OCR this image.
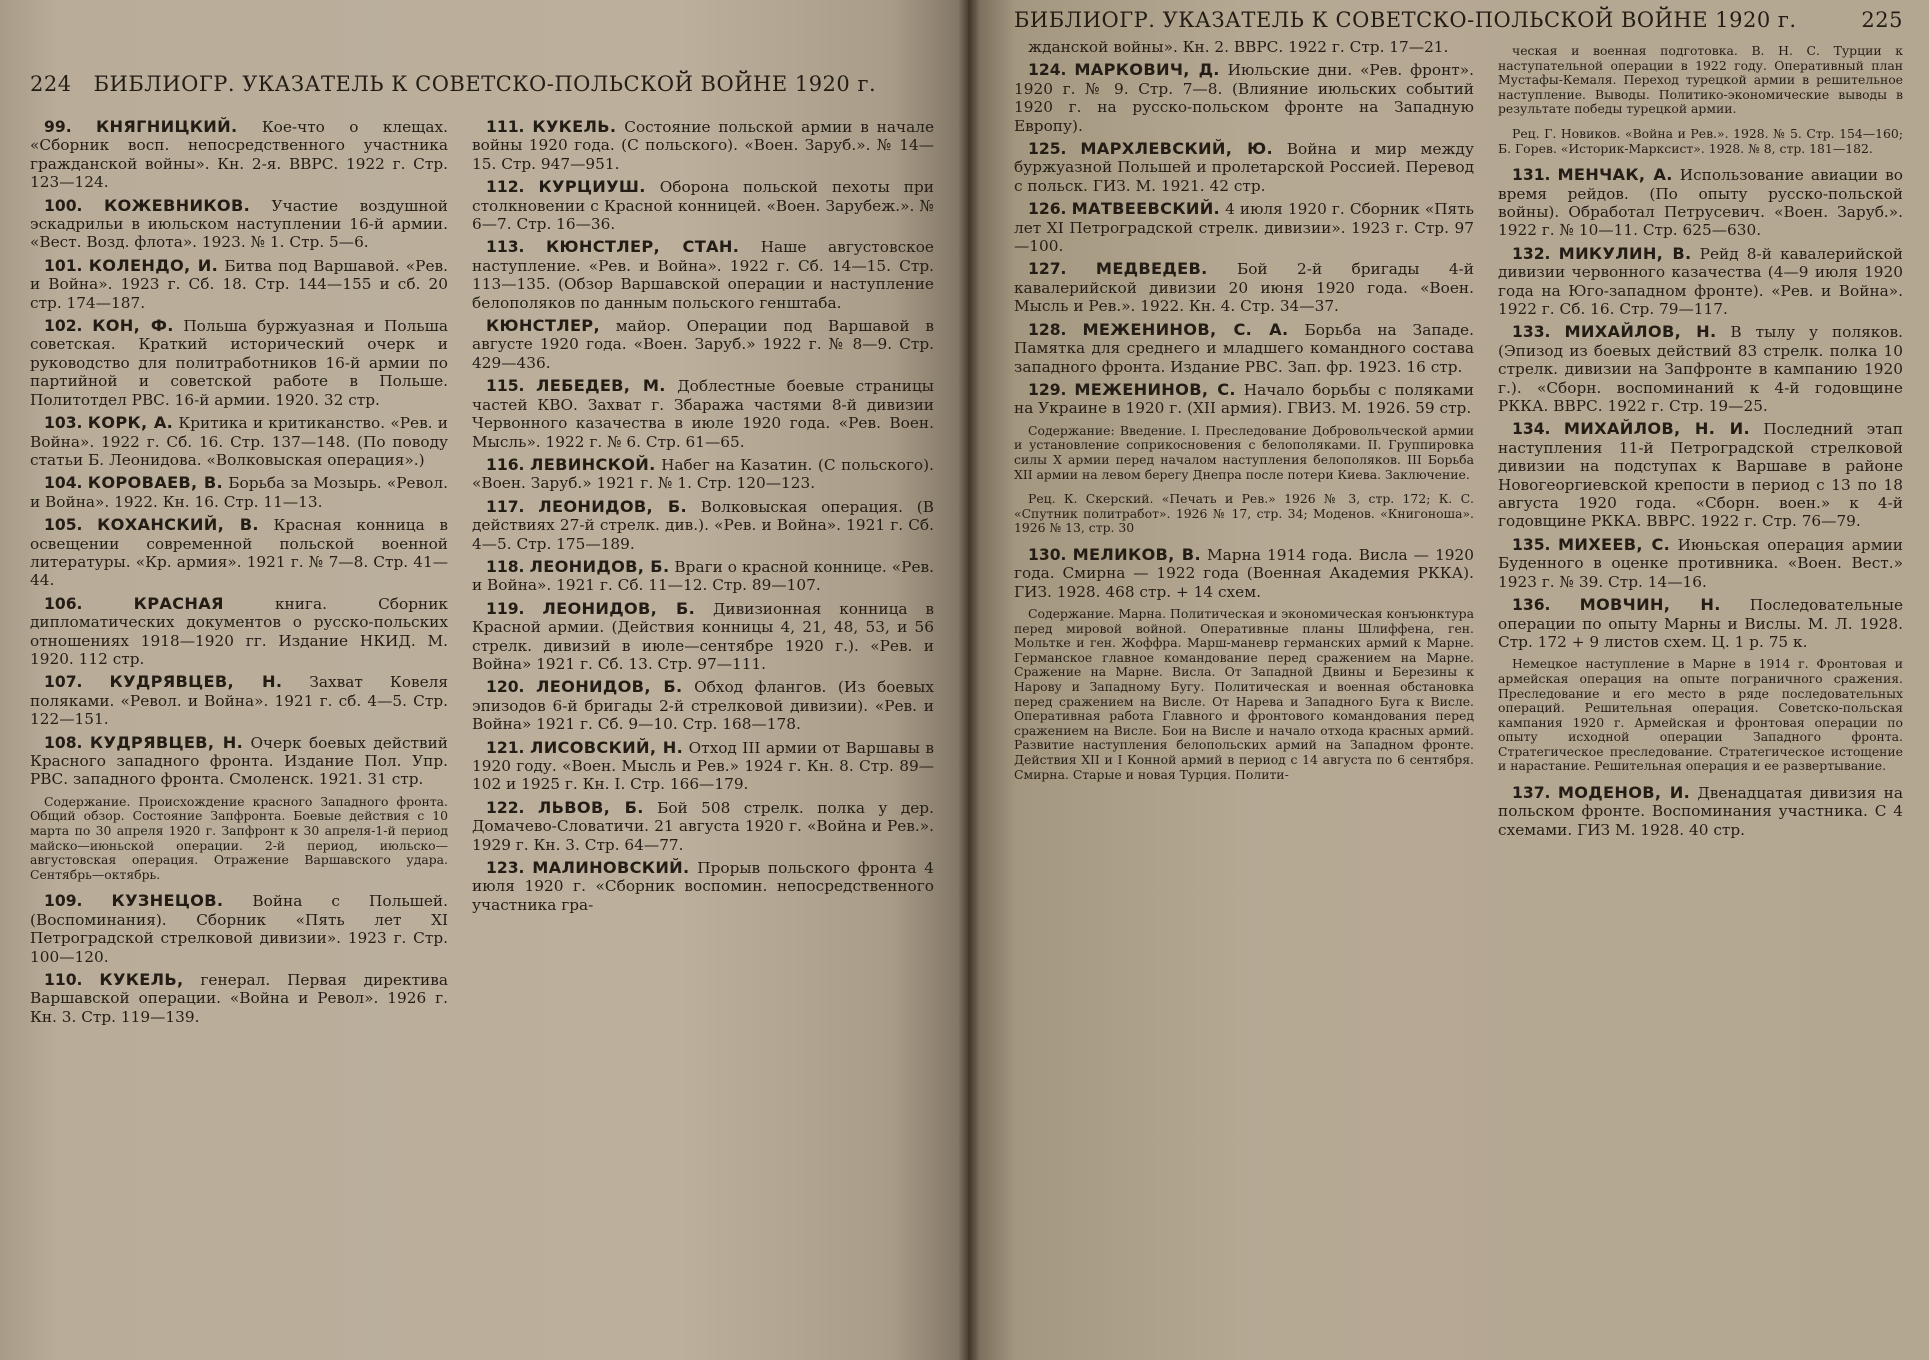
224 БИБЛИОГР. УКАЗАТЕЛЬ К СОВЕТСКО-ПОЛЬСКОЙ ВОЙНЕ 1920 г.
99. КНЯГНИЦКИЙ. Кое-что о клещах. «Сборник восп. непосредственного участника гражданской войны». Кн. 2-я. ВВРС. 1922 г. Стр. 123—124.
100. КОЖЕВНИКОВ. Участие воздушной эскадрильи в июльском наступлении 16-й армии. «Вест. Возд. флота». 1923. № 1. Стр. 5—6.
101. КОЛЕНДО, И. Битва под Варшавой. «Рев. и Война». 1923 г. Сб. 18. Стр. 144—155 и сб. 20 стр. 174—187.
102. КОН, Ф. Польша буржуазная и Польша советская. Краткий исторический очерк и руководство для политработников 16-й армии по партийной и советской работе в Польше. Политотдел РВС. 16-й армии. 1920. 32 стр.
103. КОРК, А. Критика и критиканство. «Рев. и Война». 1922 г. Сб. 16. Стр. 137—148. (По поводу статьи Б. Леонидова. «Волковыская операция».)
104. КОРОВАЕВ, В. Борьба за Мозырь. «Револ. и Война». 1922. Кн. 16. Стр. 11—13.
105. КОХАНСКИЙ, В. Красная конница в освещении современной польской военной литературы. «Кр. армия». 1921 г. № 7—8. Стр. 41—44.
106.	КРАСНАЯ	книга. Сборник дипломатических документов о русско-польских отношениях 1918—1920 гг. Издание НКИД. М. 1920. 112 стр.
107. КУДРЯВЦЕВ, Н. Захват Ковеля поляками. «Револ. и Война». 1921 г. сб. 4—5. Стр. 122—151.
108. КУДРЯВЦЕВ, Н. Очерк боевых действий Красного западного фронта. Издание Пол. Упр. РВС. западного фронта. Смоленск. 1921. 31 стр.
Содержание. Происхождение красного Западного фронта. Общий обзор. Состояние Запфронта. Боевые действия с 10 марта по 30 апреля 1920 г. Запфронт к 30 апреля-1-й период майско—июньской операции. 2-й период, июльско—августовская операция. Отражение Варшавского удара. Сентябрь—октябрь.
109. КУЗНЕЦОВ. Война с Польшей. (Воспоминания). Сборник «Пять лет XI Петроградской стрелковой дивизии». 1923 г. Стр. 100—120.
110. КУКЕЛЬ, генерал. Первая директива Варшавской операции. «Война и Револ». 1926 г. Кн. 3. Стр. 119—139.
111. КУКЕЛЬ. Состояние польской армии в начале войны 1920 года. (С польского). «Воен. Заруб.». № 14—15. Стр. 947—951.
112. КУРЦИУШ. Оборона польской пехоты при столкновении с Красной конницей. «Воен. Зарубеж.». № 6—7. Стр. 16—36.
113. КЮНСТЛЕР, СТАН. Наше августовское наступление. «Рев. и Война». 1922 г. Сб. 14—15. Стр. 113—135. (Обзор Варшавской операции и наступление белополяков по данным польского генштаба.
КЮНСТЛЕР, майор. Операции под Варшавой в августе 1920 года. «Воен. Заруб.» 1922 г. № 8—9. Стр. 429—436.
115. ЛЕБЕДЕВ, М. Доблестные боевые страницы частей КВО. Захват г. Збаража частями 8-й дивизии Червонного казачества в июле 1920 года. «Рев. Воен. Мысль». 1922 г. № 6. Стр. 61—65.
116. ЛЕВИНСКОЙ. Набег на Казатин. (С польского). «Воен. Заруб.» 1921 г. № 1. Стр. 120—123.
117. ЛЕОНИДОВ, Б. Волковыская операция. (В действиях 27-й стрелк. див.). «Рев. и Война». 1921 г. Сб. 4—5. Стр. 175—189.
118. ЛЕОНИДОВ, Б. Враги о красной коннице. «Рев. и Война». 1921 г. Сб. 11—12. Стр. 89—107.
119. ЛЕОНИДОВ, Б. Дивизионная конница в Красной армии. (Действия конницы 4, 21, 48, 53, и 56 стрелк. дивизий в июле—сентябре 1920 г.). «Рев. и Война» 1921 г. Сб. 13. Стр. 97—111.
120. ЛЕОНИДОВ, Б. Обход флангов. (Из боевых эпизодов 6-й бригады 2-й стрелковой дивизии). «Рев. и Война» 1921 г. Сб. 9—10. Стр. 168—178.
121. ЛИСОВСКИЙ, Н. Отход III армии от Варшавы в 1920 году. «Воен. Мысль и Рев.» 1924 г. Кн. 8. Стр. 89—102 и 1925 г. Кн. I. Стр. 166—179.
122. ЛЬВОВ, Б. Бой 508 стрелк. полка у дер. Домачево-Словатичи. 21 августа 1920 г. «Война и Рев.». 1929 г. Кн. 3. Стр. 64—77.
123. МАЛИНОВСКИЙ. Прорыв польского фронта 4 июля 1920 г. «Сборник воспомин. непосредственного участника гра-
БИБЛИОГР. УКАЗАТЕЛЬ К СОВЕТСКО-ПОЛЬСКОЙ ВОЙНЕ 1920 г.	225
жданской войны». Кн. 2. ВВРС. 1922 г. Стр. 17—21.
124. МАРКОВИЧ, Д. Июльские дни. «Рев. фронт». 1920 г. № 9. Стр. 7—8. (Влияние июльских событий 1920 г. на русско-польском фронте на Западную Европу).
125. МАРХЛЕВСКИЙ, Ю. Война и мир между буржуазной Польшей и пролетарской Россией. Перевод с польск. ГИЗ. М. 1921. 42 стр.
126. МАТВЕЕВСКИЙ. 4 июля 1920 г. Сборник «Пять лет XI Петроградской стрелк. дивизии». 1923 г. Стр. 97—100.
127. МЕДВЕДЕВ. Бой 2-й бригады 4-й кавалерийской дивизии 20 июня 1920 года. «Воен. Мысль и Рев.». 1922. Кн. 4. Стр. 34—37.
128. МЕЖЕНИНОВ, С. А. Борьба на Западе. Памятка для среднего и младшего командного состава западного фронта. Издание РВС. Зап. фр. 1923. 16 стр.
129. МЕЖЕНИНОВ, С. Начало борьбы с поляками на Украине в 1920 г. (XII армия). ГВИЗ. М. 1926. 59 стр.
Содержание: Введение. I. Преследование Добровольческой армии и установление соприкосновения с белополяками. II. Группировка силы X армии перед началом наступления белополяков. III Борьба XII армии на левом берегу Днепра после потери Киева. Заключение.
Рец. К. Скерский. «Печать и Рев.» 1926 № 3, стр. 172; К. С. «Спутник политработ». 1926 № 17, стр. 34; Моденов. «Книгоноша». 1926 № 13, стр. 30
130. МЕЛИКОВ, В. Марна 1914 года. Висла — 1920 года. Смирна — 1922 года (Военная Академия РККА). ГИЗ. 1928. 468 стр. + 14 схем.
Содержание. Марна. Политическая и экономическая конъюнктура перед мировой войной. Оперативные планы Шлиффена, ген. Мольтке и ген. Жоффра. Марш-маневр германских армий к Марне. Германское главное командование перед сражением на Марне. Сражение на Марне. Висла. От Западной Двины и Березины к Нарову и Западному Бугу. Политическая и военная обстановка перед сражением на Висле. От Нарева и Западного Буга к Висле. Оперативная работа Главного и фронтового командования перед сражением на Висле. Бои на Висле и начало отхода красных армий. Развитие наступления белопольских армий на Западном фронте. Действия XII и I Конной армий в период с 14 августа по 6 сентября. Смирна. Старые и новая Турция. Полити-
ческая и военная подготовка. В. Н. С. Турции к наступательной операции в 1922 году. Оперативный план Мустафы-Кемаля. Переход турецкой армии в решительное наступление. Выводы. Политико-экономические выводы в результате победы турецкой армии.
Рец. Г. Новиков. «Война и Рев.». 1928. № 5. Стр. 154—160; Б. Горев. «Историк-Марксист». 1928. № 8, стр. 181—182.
131. МЕНЧАК, А. Использование авиации во время рейдов. (По опыту русско-польской войны). Обработал Петрусевич. «Воен. Заруб.». 1922 г. № 10—11. Стр. 625—630.
132. МИКУЛИН, В. Рейд 8-й кавалерийской дивизии червонного казачества (4—9 июля 1920 года на Юго-западном фронте). «Рев. и Война». 1922 г. Сб. 16. Стр. 79—117.
133. МИХАЙЛОВ, Н. В тылу у поляков. (Эпизод из боевых действий 83 стрелк. полка 10 стрелк. дивизии на Запфронте в кампанию 1920 г.). «Сборн. воспоминаний к 4-й годовщине РККА. ВВРС. 1922 г. Стр. 19—25.
134. МИХАЙЛОВ, Н. И. Последний этап наступления 11-й Петроградской стрелковой дивизии на подступах к Варшаве в районе Новогеоргиевской крепости в период с 13 по 18 августа 1920 года. «Сборн. воен.» к 4-й годовщине РККА. ВВРС. 1922 г. Стр. 76—79.
135. МИХЕЕВ, С. Июньская операция армии Буденного в оценке противника. «Воен. Вест.» 1923 г. № 39. Стр. 14—16.
136. МОВЧИН, Н. Последовательные операции по опыту Марны и Вислы. М. Л. 1928. Стр. 172 + 9 листов схем. Ц. 1 р. 75 к.
Немецкое наступление в Марне в 1914 г. Фронтовая и армейская операция на опыте пограничного сражения. Преследование и его место в ряде последовательных операций. Решительная операция. Советско-польская кампания 1920 г. Армейская и фронтовая операции по опыту исходной операции Западного фронта. Стратегическое преследование. Стратегическое истощение и нарастание. Решительная операция и ее развертывание.
137. МОДЕНОВ, И. Двенадцатая дивизия на польском фронте. Воспоминания участника. С 4 схемами. ГИЗ М. 1928. 40 стр.
